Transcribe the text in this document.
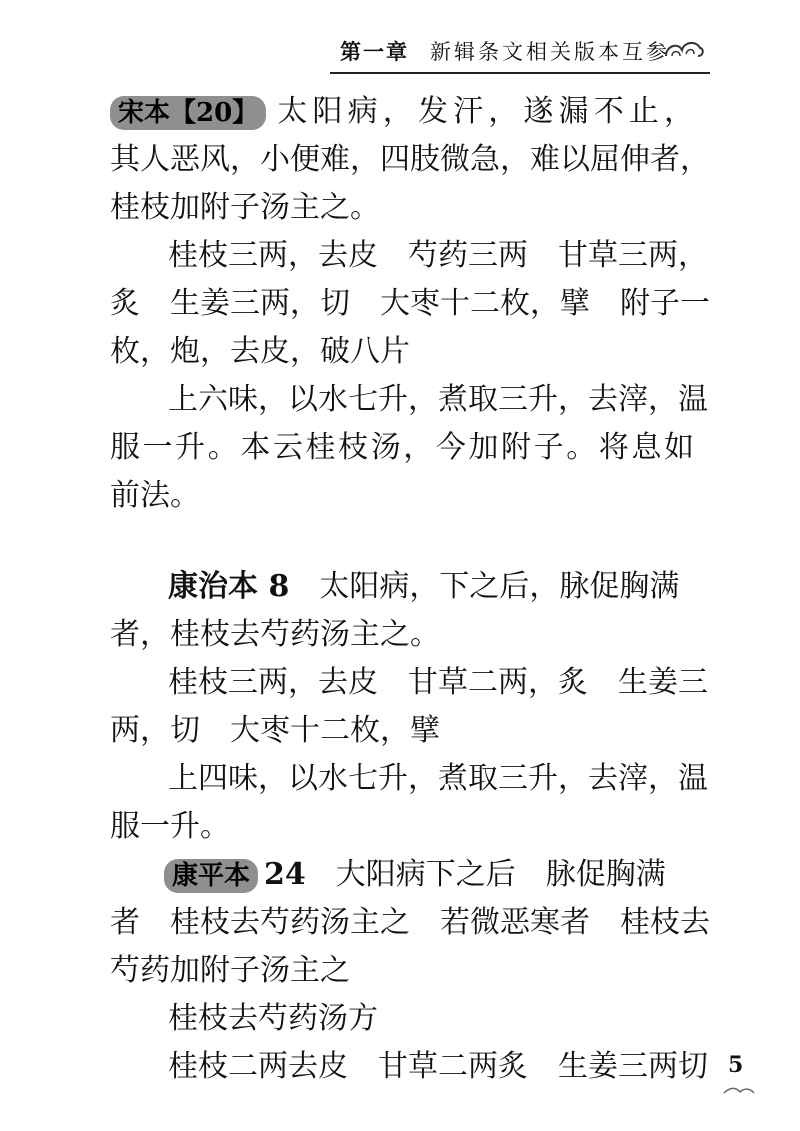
第一章 新辑条文相关版本互参
宋本【20】 太阳病，发汗，遂漏不止，
其人恶风，小便难，四肢微急，难以屈伸者，
桂枝加附子汤主之。
桂枝三两，去皮　芍药三两　甘草三两，
炙　生姜三两，切　大枣十二枚，擘　附子一
枚，炮，去皮，破八片
上六味，以水七升，煮取三升，去滓，温
服一升。本云桂枝汤，今加附子。将息如
前法。
康治本 8　 太阳病，下之后，脉促胸满
者，桂枝去芍药汤主之。
桂枝三两，去皮　甘草二两，炙　生姜三
两，切　大枣十二枚，擘
上四味，以水七升，煮取三升，去滓，温
服一升。
康平本 24　 大阳病下之后　脉促胸满
者　桂枝去芍药汤主之　若微恶寒者　桂枝去
芍药加附子汤主之
桂枝去芍药汤方
桂枝二两去皮　甘草二两炙　生姜三两切 5
